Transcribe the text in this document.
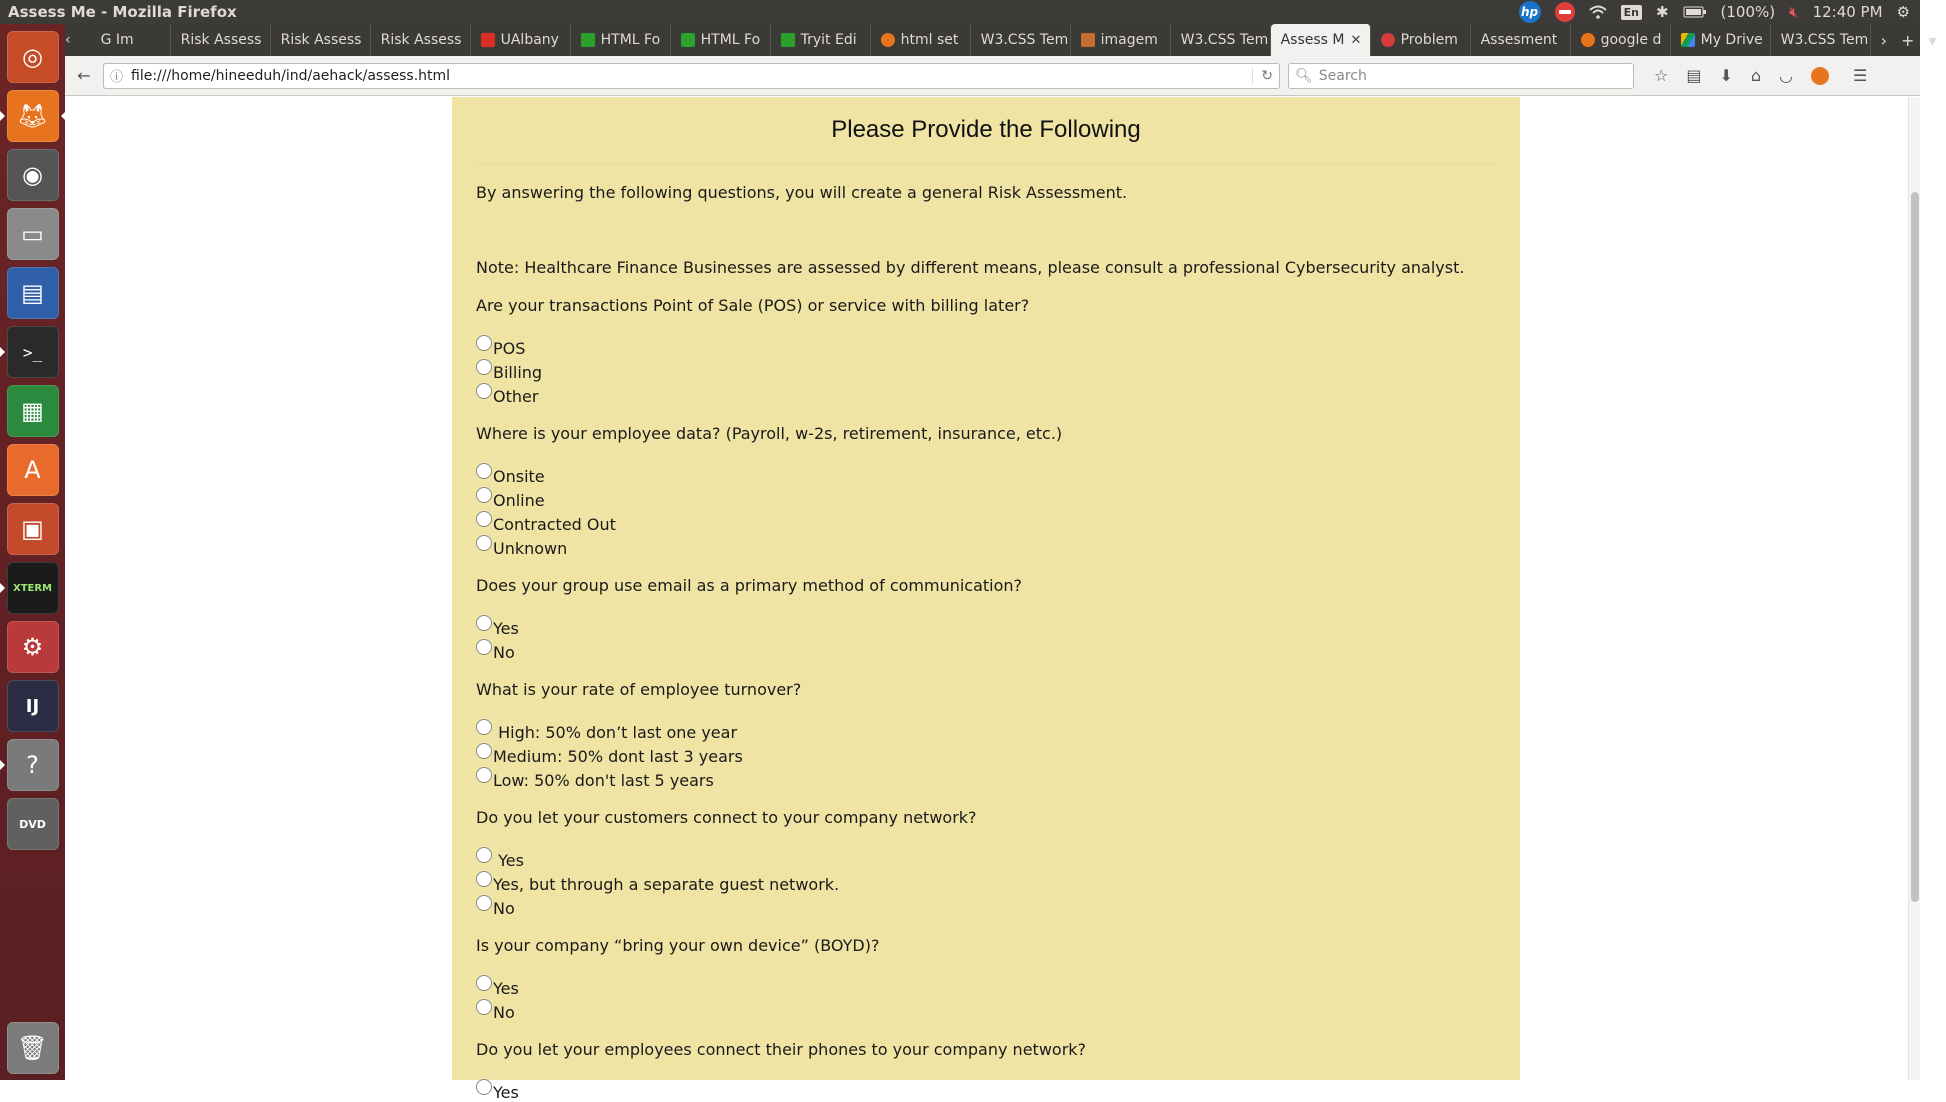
Assess Me - Mozilla Firefox	hp	En ✱	(100%) 🔇︎ 12:40 PM ⚙
◎
🦊︎
◉
▭
▤
>_
▦
A
▣
XTERM
⚙
IJ
?
DVD
🗑︎
‹ G Im	Risk Assess Risk Assess Risk Assess	UAlbany	HTML Fo	HTML Fo	Tryit Edi	html set W3.CSS Tem imagem W3.CSS Tem Assess M ✕	Problem Assesment	google d	My Drive W3.CSS Tem › + ▾
←	ⓘ file:///home/hineeduh/ind/aehack/assess.html	↻ 🔍︎ Search	☆ ▤ ⬇ ⌂ ◡	☰
Please Provide the Following

By answering the following questions, you will create a general Risk Assessment.

Note: Healthcare Finance Businesses are assessed by different means, please consult a professional Cybersecurity analyst.

Are your transactions Point of Sale (POS) or service with billing later?

POS
Billing
Other

Where is your employee data? (Payroll, w-2s, retirement, insurance, etc.)

Onsite
Online
Contracted Out
Unknown

Does your group use email as a primary method of communication?

Yes
No

What is your rate of employee turnover?

High: 50% don’t last one year
Medium: 50% dont last 3 years
Low: 50% don't last 5 years

Do you let your customers connect to your company network?

Yes
Yes, but through a separate guest network.
No

Is your company “bring your own device” (BOYD)?

Yes
No

Do you let your employees connect their phones to your company network?

Yes
